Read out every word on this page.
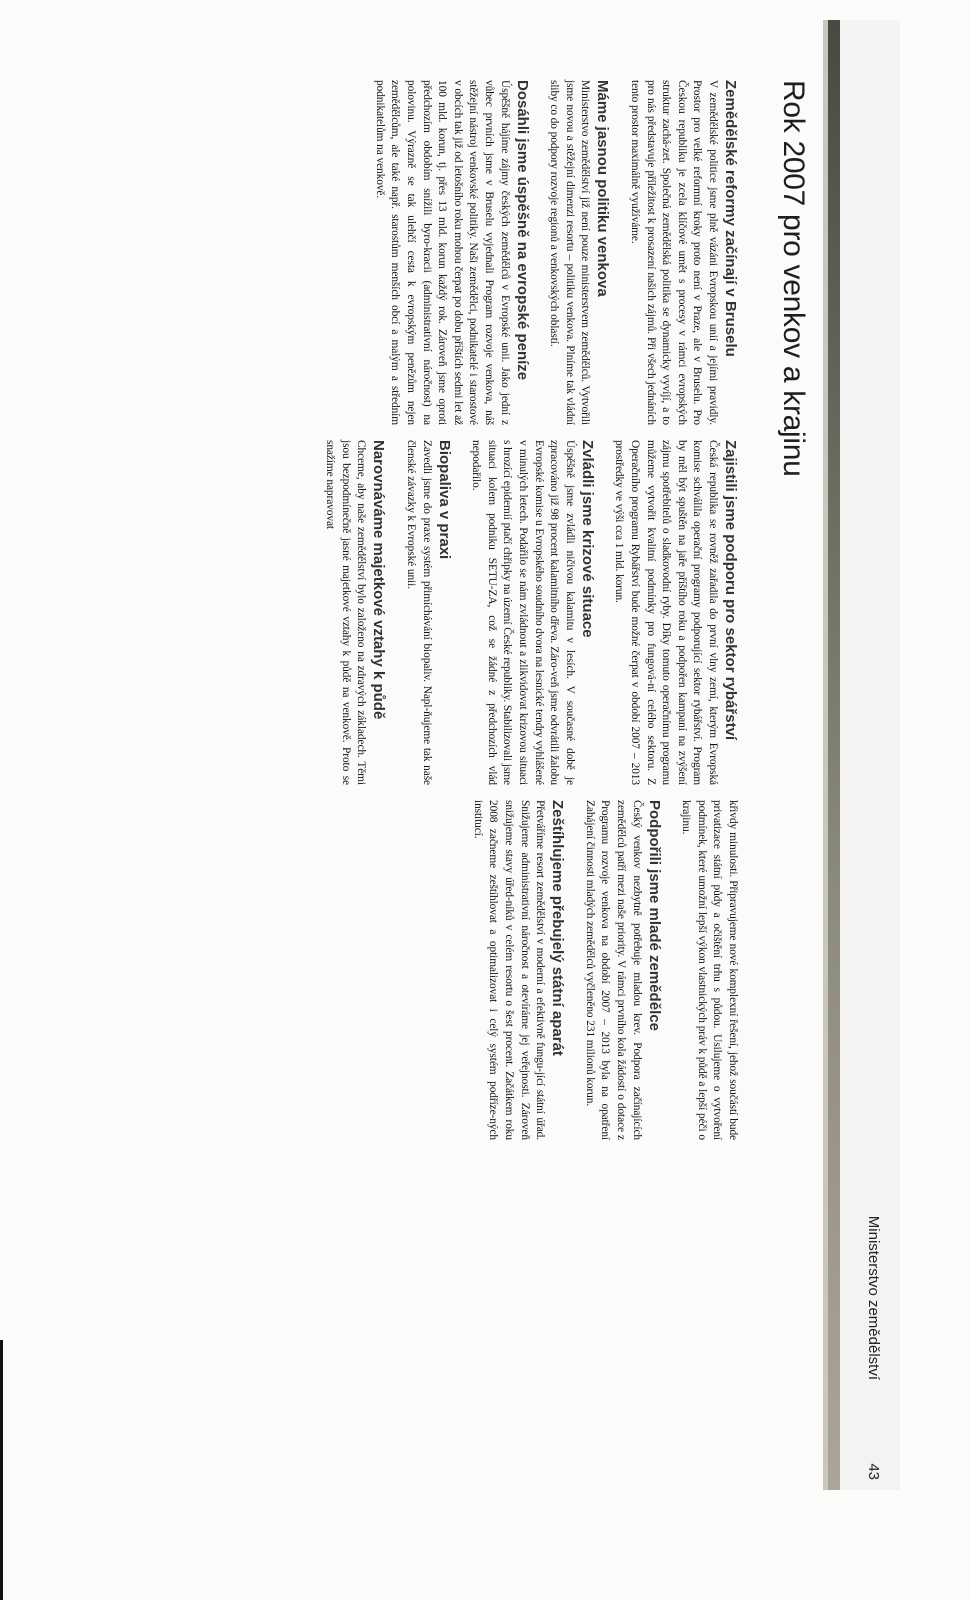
Ministerstvo zemědělství
43
Rok 2007 pro venkov a krajinu
Zemědělské reformy začínají v Bruselu

V zemědělské politice jsme plně vázáni Evropskou unií a jejími pravidly. Prostor pro velké reformní kroky proto není v Praze, ale v Bruselu. Pro Českou republiku je zcela klíčové umět s procesy v rámci evropských struktur zachá-zet. Společná zemědělská politika se dynamicky vyvíjí, a to pro nás představuje příležitost k prosazení našich zájmů. Při všech jednáních tento prostor maximálně využíváme.

Máme jasnou politiku venkova

Ministerstvo zemědělství již není pouze ministerstvem zemědělců. Vytvořili jsme novou a stěžejní dimenzi resortu – politiku venkova. Plníme tak vládní sliby co do podpory rozvoje regionů a venkovských oblastí.

Dosáhli jsme úspěšně na evropské peníze

Úspěšně hájíme zájmy českých zemědělců v Evropské unii. Jako jední z vůbec prvních jsme v Bruselu vyjednali Program rozvoje venkova, náš stěžejní nástroj venkovské politiky. Naši zemědělci, podnikatelé i starostové v obcích tak již od letošního roku mohou čerpat po dobu příštích sedmi let až 100 mld. korun, tj. přes 13 mld. korun každý rok. Zároveň jsme oproti předchozím obdobím snížili byro-kracii (administrativní náročnost) na polovinu. Výrazně se tak ulehčí cesta k evropským penězům nejen zemědělcům, ale také např. starostům menších obcí a malým a středním podnikatelům na venkově.

Zajistili jsme podporu pro sektor rybářství

Česká republika se rovněž zařadila do první vlny zemí, kterým Evropská komise schválila operační programy podporující sektor rybářství. Program by měl být spuštěn na jaře příštího roku a podpořen kampaní na zvýšení zájmu spotřebitelů o sladkovodní ryby. Díky tomuto operačnímu programu můžeme vytvořit kvalitní podmínky pro fungová-ní celého sektoru. Z Operačního programu Rybářství bude možné čerpat v období 2007 – 2013 prostředky ve výši cca 1 mld. korun.

Zvládli jsme krizové situace

Úspěšně jsme zvládli ničivou kalamitu v lesích. V současné době je zpracováno již 98 procent kalamitního dřeva. Záro-veň jsme odvrátili žalobu Evropské komise u Evropského soudního dvora na lesnické tendry vyhlášené v minulých letech. Podařilo se nám zvládnout a zlikvidovat krizovou situaci s hrozící epidemií ptačí chřipky na území České republiky. Stabilizovali jsme situaci kolem podniku SETU-ZA, což se žádné z předchozích vlád nepodařilo.

Biopaliva v praxi

Zavedli jsme do praxe systém přimíchávání biopaliv. Napl-ňujeme tak naše členské závazky k Evropské unii.

Narovnáváme majetkové vztahy k půdě

Chceme, aby naše zemědělství bylo založeno na zdravých základech. Těmi jsou bezpodmínečně jasné majetkové vztahy k půdě na venkově. Proto se snažíme napravovat

křivdy minulosti. Připravujeme nové komplexní řešení, jehož součástí bude privatizace státní půdy a očištění trhu s půdou. Usilujeme o vytvoření podmínek, které umožní lepší výkon vlastnických práv k půdě a lepší péči o krajinu.

Podpořili jsme mladé zemědělce

Český venkov nezbytně potřebuje mladou krev. Podpora začínajících zemědělců patří mezi naše priority. V rámci prvního kola žádostí o dotace z Programu rozvoje venkova na období 2007 – 2013 byla na opatření Zahájení činnosti mladých zemědělců vyčleněno 231 milionů korun.

Zeštíhlujeme přebujelý státní aparát

Přetváříme resort zemědělství v moderní a efektivně fungu-jící státní úřad. Snižujeme administrativní náročnost a otevíráme jej veřejnosti. Zároveň snižujeme stavy úřed-níků v celém resortu o šest procent. Začátkem roku 2008 začneme zeštíhlovat a optimalizovat i celý systém podříze-ných institucí.
